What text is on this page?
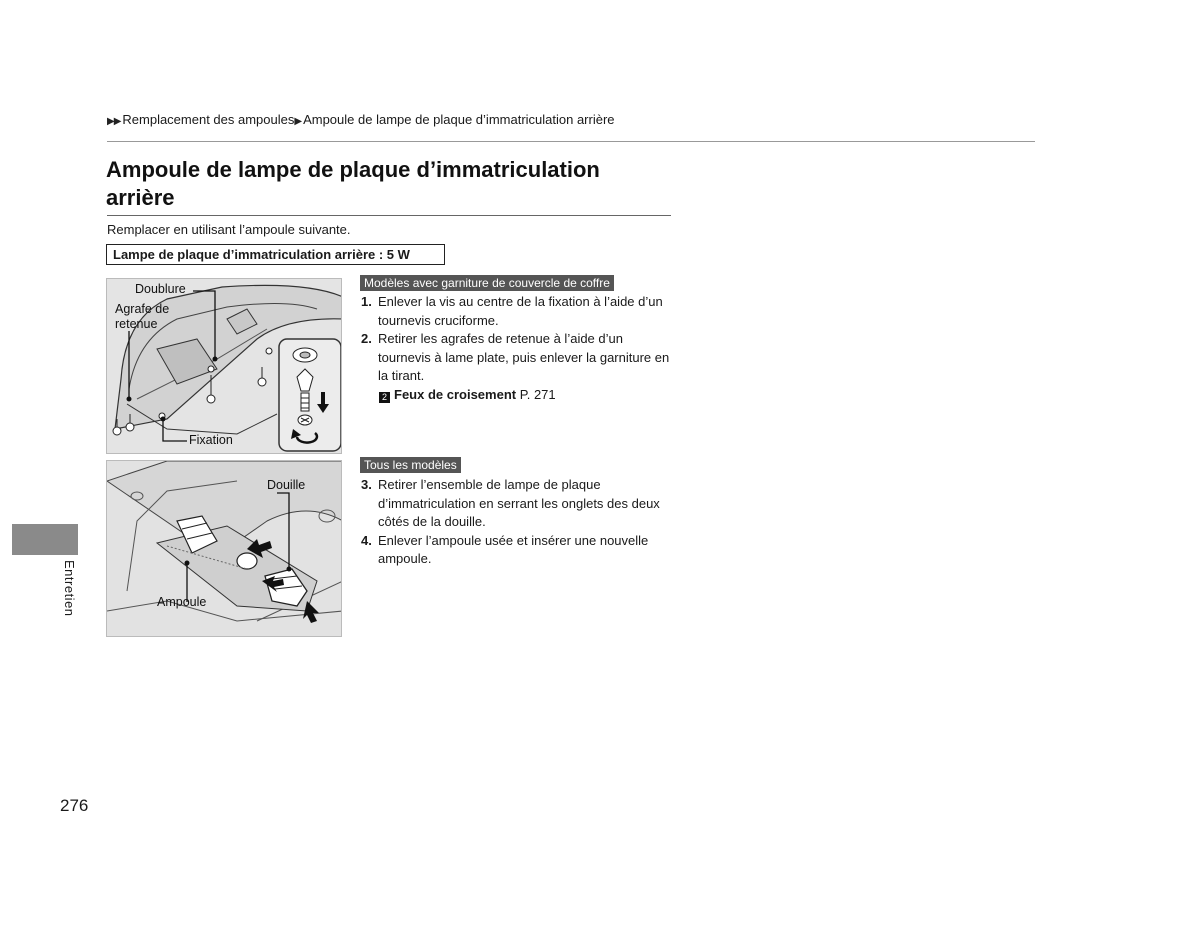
▶▶ Remplacement des ampoules▶ Ampoule de lampe de plaque d’immatriculation arrière
Ampoule de lampe de plaque d’immatriculation arrière
Remplacer en utilisant l’ampoule suivante.
Lampe de plaque d’immatriculation arrière : 5 W
Doublure
Agrafe de
retenue
Fixation
Douille
Ampoule
Modèles avec garniture de couvercle de coffre
1. Enlever la vis au centre de la fixation à l’aide d’un tournevis cruciforme.
2. Retirer les agrafes de retenue à l’aide d’un tournevis à lame plate, puis enlever la garniture en la tirant.
2 Feux de croisement P. 271
Tous les modèles
3. Retirer l’ensemble de lampe de plaque d’immatriculation en serrant les onglets des deux côtés de la douille.
4. Enlever l’ampoule usée et insérer une nouvelle ampoule.
Entretien
276
